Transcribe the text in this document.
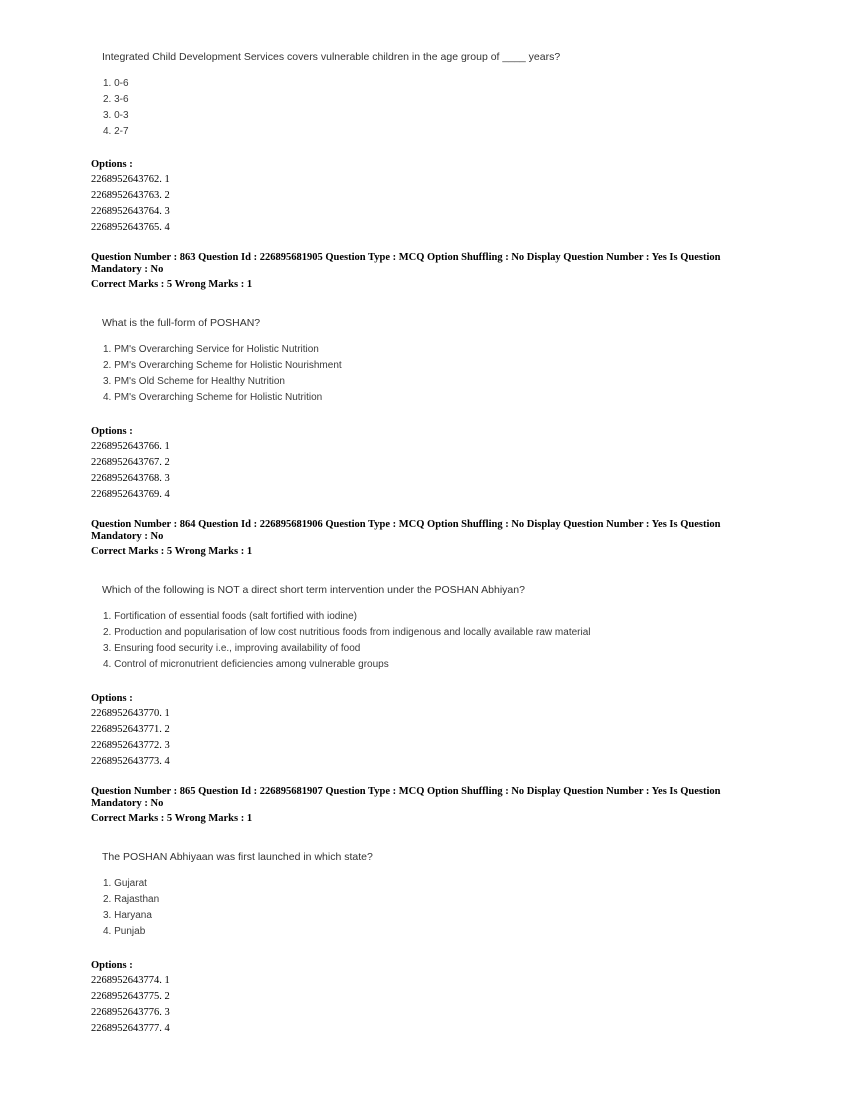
Integrated Child Development Services covers vulnerable children in the age group of ____ years?
1. 0-6
2. 3-6
3. 0-3
4. 2-7
Options :
2268952643762. 1
2268952643763. 2
2268952643764. 3
2268952643765. 4
Question Number : 863 Question Id : 226895681905 Question Type : MCQ Option Shuffling : No Display Question Number : Yes Is Question Mandatory : No
Correct Marks : 5 Wrong Marks : 1
What is the full-form of POSHAN?
1. PM's Overarching Service for Holistic Nutrition
2. PM's Overarching Scheme for Holistic Nourishment
3. PM's Old Scheme for Healthy Nutrition
4. PM's Overarching Scheme for Holistic Nutrition
Options :
2268952643766. 1
2268952643767. 2
2268952643768. 3
2268952643769. 4
Question Number : 864 Question Id : 226895681906 Question Type : MCQ Option Shuffling : No Display Question Number : Yes Is Question Mandatory : No
Correct Marks : 5 Wrong Marks : 1
Which of the following is NOT a direct short term intervention under the POSHAN Abhiyan?
1. Fortification of essential foods (salt fortified with iodine)
2. Production and popularisation of low cost nutritious foods from indigenous and locally available raw material
3. Ensuring food security i.e., improving availability of food
4. Control of micronutrient deficiencies among vulnerable groups
Options :
2268952643770. 1
2268952643771. 2
2268952643772. 3
2268952643773. 4
Question Number : 865 Question Id : 226895681907 Question Type : MCQ Option Shuffling : No Display Question Number : Yes Is Question Mandatory : No
Correct Marks : 5 Wrong Marks : 1
The POSHAN Abhiyaan was first launched in which state?
1. Gujarat
2. Rajasthan
3. Haryana
4. Punjab
Options :
2268952643774. 1
2268952643775. 2
2268952643776. 3
2268952643777. 4
